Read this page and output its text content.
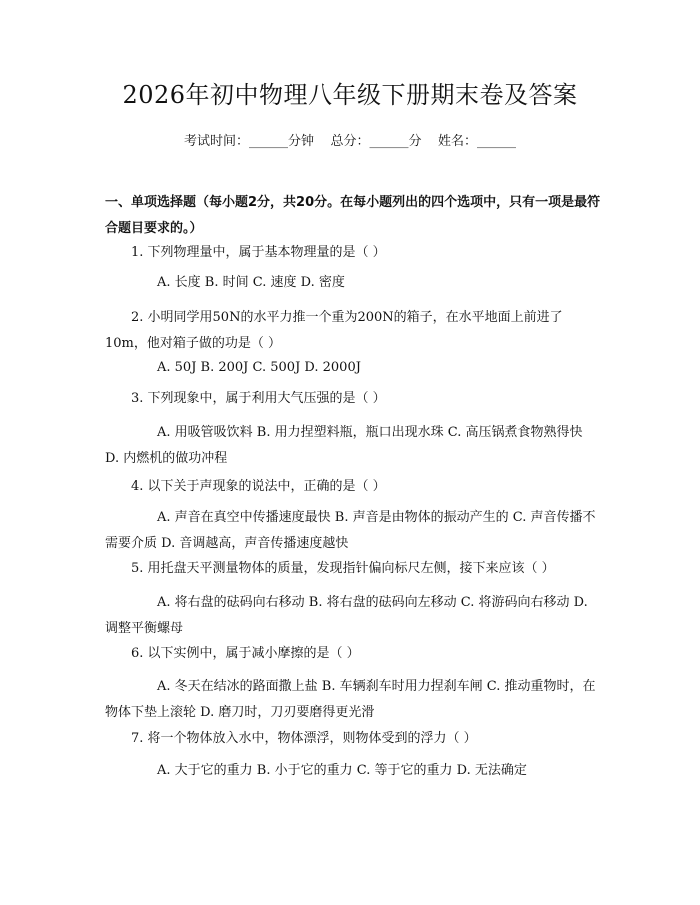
2026年初中物理八年级下册期末卷及答案
考试时间：______分钟    总分：______分    姓名：______
一、单项选择题（每小题2分，共20分。在每小题列出的四个选项中，只有一项是最符合题目要求的。）
1. 下列物理量中，属于基本物理量的是（ ）
A. 长度 B. 时间 C. 速度 D. 密度
2. 小明同学用50N的水平力推一个重为200N的箱子，在水平地面上前进了10m，他对箱子做的功是（ ）
A. 50J B. 200J C. 500J D. 2000J
3. 下列现象中，属于利用大气压强的是（ ）
A. 用吸管吸饮料 B. 用力捏塑料瓶，瓶口出现水珠 C. 高压锅煮食物熟得快 D. 内燃机的做功冲程
4. 以下关于声现象的说法中，正确的是（ ）
A. 声音在真空中传播速度最快 B. 声音是由物体的振动产生的 C. 声音传播不需要介质 D. 音调越高，声音传播速度越快
5. 用托盘天平测量物体的质量，发现指针偏向标尺左侧，接下来应该（ ）
A. 将右盘的砝码向右移动 B. 将右盘的砝码向左移动 C. 将游码向右移动 D. 调整平衡螺母
6. 以下实例中，属于减小摩擦的是（ ）
A. 冬天在结冰的路面撒上盐 B. 车辆刹车时用力捏刹车闸 C. 推动重物时，在物体下垫上滚轮 D. 磨刀时，刀刃要磨得更光滑
7. 将一个物体放入水中，物体漂浮，则物体受到的浮力（ ）
A. 大于它的重力 B. 小于它的重力 C. 等于它的重力 D. 无法确定
